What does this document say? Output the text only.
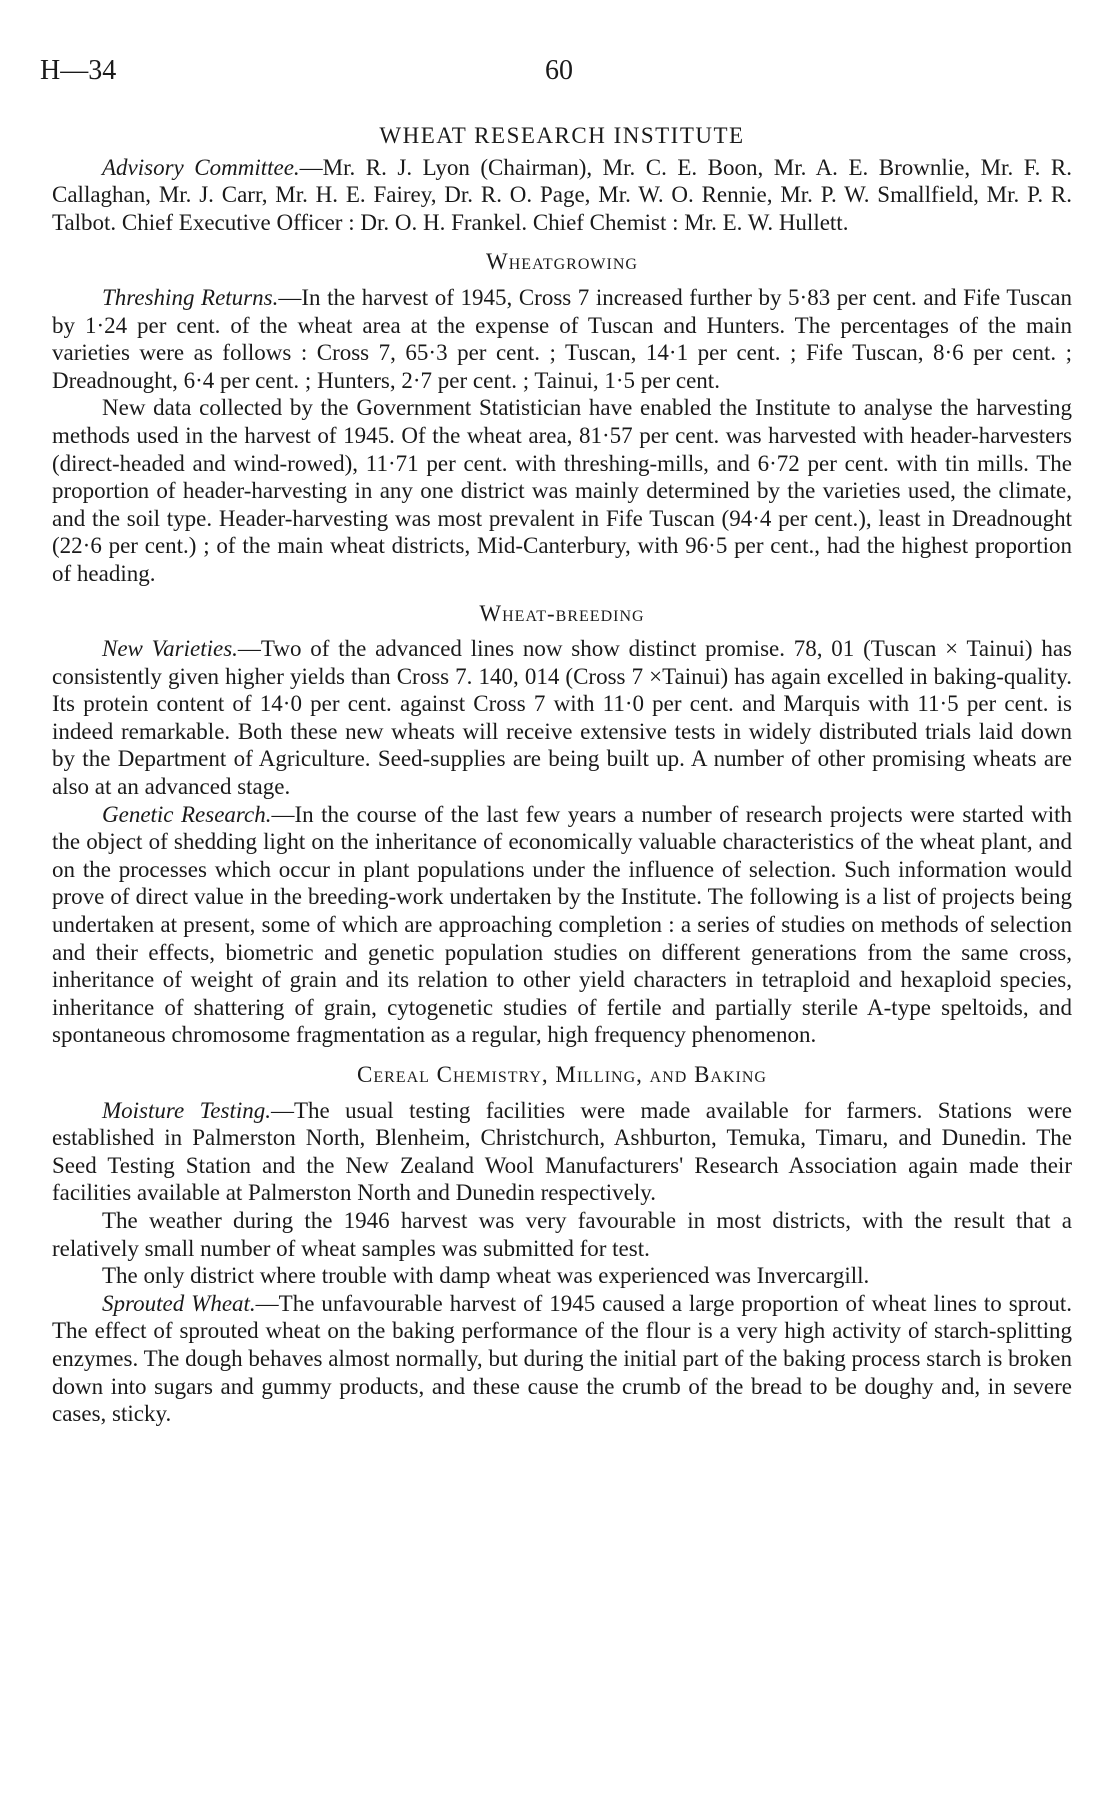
H—34	60
WHEAT RESEARCH INSTITUTE

Advisory Committee.—Mr. R. J. Lyon (Chairman), Mr. C. E. Boon, Mr. A. E. Brownlie, Mr. F. R. Callaghan, Mr. J. Carr, Mr. H. E. Fairey, Dr. R. O. Page, Mr. W. O. Rennie, Mr. P. W. Smallfield, Mr. P. R. Talbot. Chief Executive Officer : Dr. O. H. Frankel. Chief Chemist : Mr. E. W. Hullett.

Wheatgrowing

Threshing Returns.—In the harvest of 1945, Cross 7 increased further by 5·83 per cent. and Fife Tuscan by 1·24 per cent. of the wheat area at the expense of Tuscan and Hunters. The percentages of the main varieties were as follows : Cross 7, 65·3 per cent. ; Tuscan, 14·1 per cent. ; Fife Tuscan, 8·6 per cent. ; Dreadnought, 6·4 per cent. ; Hunters, 2·7 per cent. ; Tainui, 1·5 per cent.

New data collected by the Government Statistician have enabled the Institute to analyse the harvesting methods used in the harvest of 1945. Of the wheat area, 81·57 per cent. was harvested with header-harvesters (direct-headed and wind-rowed), 11·71 per cent. with threshing-mills, and 6·72 per cent. with tin mills. The proportion of header-harvesting in any one district was mainly determined by the varieties used, the climate, and the soil type. Header-harvesting was most prevalent in Fife Tuscan (94·4 per cent.), least in Dreadnought (22·6 per cent.) ; of the main wheat districts, Mid-Canterbury, with 96·5 per cent., had the highest proportion of heading.

Wheat-breeding

New Varieties.—Two of the advanced lines now show distinct promise. 78, 01 (Tuscan × Tainui) has consistently given higher yields than Cross 7. 140, 014 (Cross 7 ×Tainui) has again excelled in baking-quality. Its protein content of 14·0 per cent. against Cross 7 with 11·0 per cent. and Marquis with 11·5 per cent. is indeed remarkable. Both these new wheats will receive extensive tests in widely distributed trials laid down by the Department of Agriculture. Seed-supplies are being built up. A number of other promising wheats are also at an advanced stage.

Genetic Research.—In the course of the last few years a number of research projects were started with the object of shedding light on the inheritance of economically valuable characteristics of the wheat plant, and on the processes which occur in plant populations under the influence of selection. Such information would prove of direct value in the breeding-work undertaken by the Institute. The following is a list of projects being undertaken at present, some of which are approaching completion : a series of studies on methods of selection and their effects, biometric and genetic population studies on different generations from the same cross, inheritance of weight of grain and its relation to other yield characters in tetraploid and hexaploid species, inheritance of shattering of grain, cytogenetic studies of fertile and partially sterile A-type speltoids, and spontaneous chromosome fragmentation as a regular, high frequency phenomenon.

Cereal Chemistry, Milling, and Baking

Moisture Testing.—The usual testing facilities were made available for farmers. Stations were established in Palmerston North, Blenheim, Christchurch, Ashburton, Temuka, Timaru, and Dunedin. The Seed Testing Station and the New Zealand Wool Manufacturers' Research Association again made their facilities available at Palmerston North and Dunedin respectively.

The weather during the 1946 harvest was very favourable in most districts, with the result that a relatively small number of wheat samples was submitted for test.

The only district where trouble with damp wheat was experienced was Invercargill.

Sprouted Wheat.—The unfavourable harvest of 1945 caused a large proportion of wheat lines to sprout. The effect of sprouted wheat on the baking performance of the flour is a very high activity of starch-splitting enzymes. The dough behaves almost normally, but during the initial part of the baking process starch is broken down into sugars and gummy products, and these cause the crumb of the bread to be doughy and, in severe cases, sticky.
